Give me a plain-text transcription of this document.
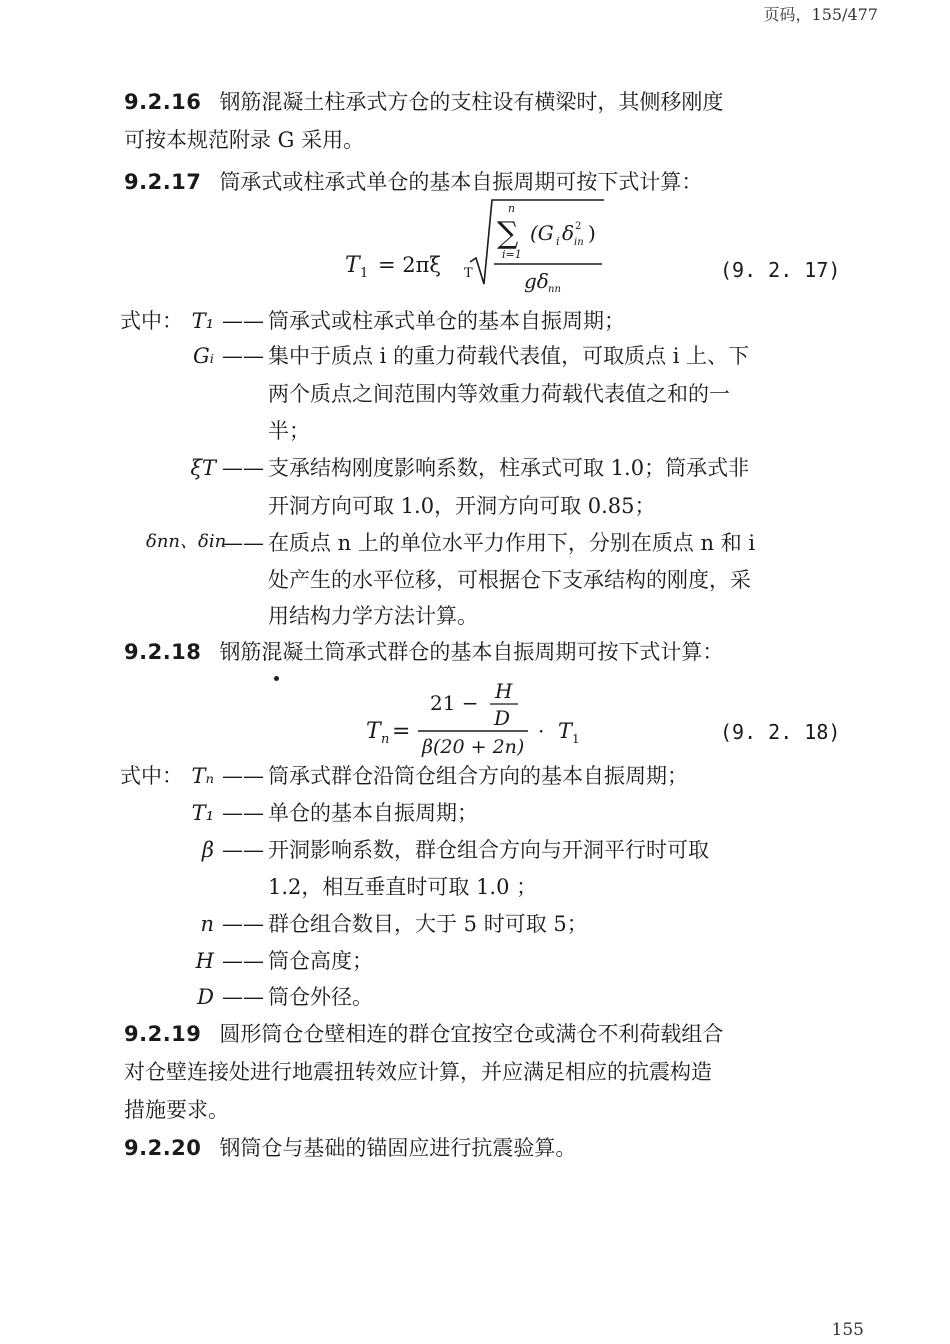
页码，155/477
9.2.16 钢筋混凝土柱承式方仓的支柱设有横梁时，其侧移刚度
可按本规范附录 G 采用。
9.2.17 筒承式或柱承式单仓的基本自振周期可按下式计算：
T 1 = 2πξ T
n
∑
i=1
(G i δ 2
in )
gδ nn
(9. 2. 17)
式中： T₁ —— 筒承式或柱承式单仓的基本自振周期；
Gᵢ —— 集中于质点 i 的重力荷载代表值，可取质点 i 上、下
两个质点之间范围内等效重力荷载代表值之和的一
半；
ξT —— 支承结构刚度影响系数，柱承式可取 1.0；筒承式非
开洞方向可取 1.0，开洞方向可取 0.85；
δnn、δin
—— 在质点 n 上的单位水平力作用下，分别在质点 n 和 i
处产生的水平位移，可根据仓下支承结构的刚度，采
用结构力学方法计算。
9.2.18 钢筋混凝土筒承式群仓的基本自振周期可按下式计算：
T n =
21 − H
D
β(20 + 2n)
· T 1	(9. 2. 18)
式中： Tₙ —— 筒承式群仓沿筒仓组合方向的基本自振周期；
T₁ —— 单仓的基本自振周期；
β —— 开洞影响系数，群仓组合方向与开洞平行时可取
1.2，相互垂直时可取 1.0 ；
n —— 群仓组合数目，大于 5 时可取 5；
H —— 筒仓高度；
D —— 筒仓外径。
9.2.19 圆形筒仓仓壁相连的群仓宜按空仓或满仓不利荷载组合
对仓壁连接处进行地震扭转效应计算，并应满足相应的抗震构造
措施要求。
9.2.20 钢筒仓与基础的锚固应进行抗震验算。
155
